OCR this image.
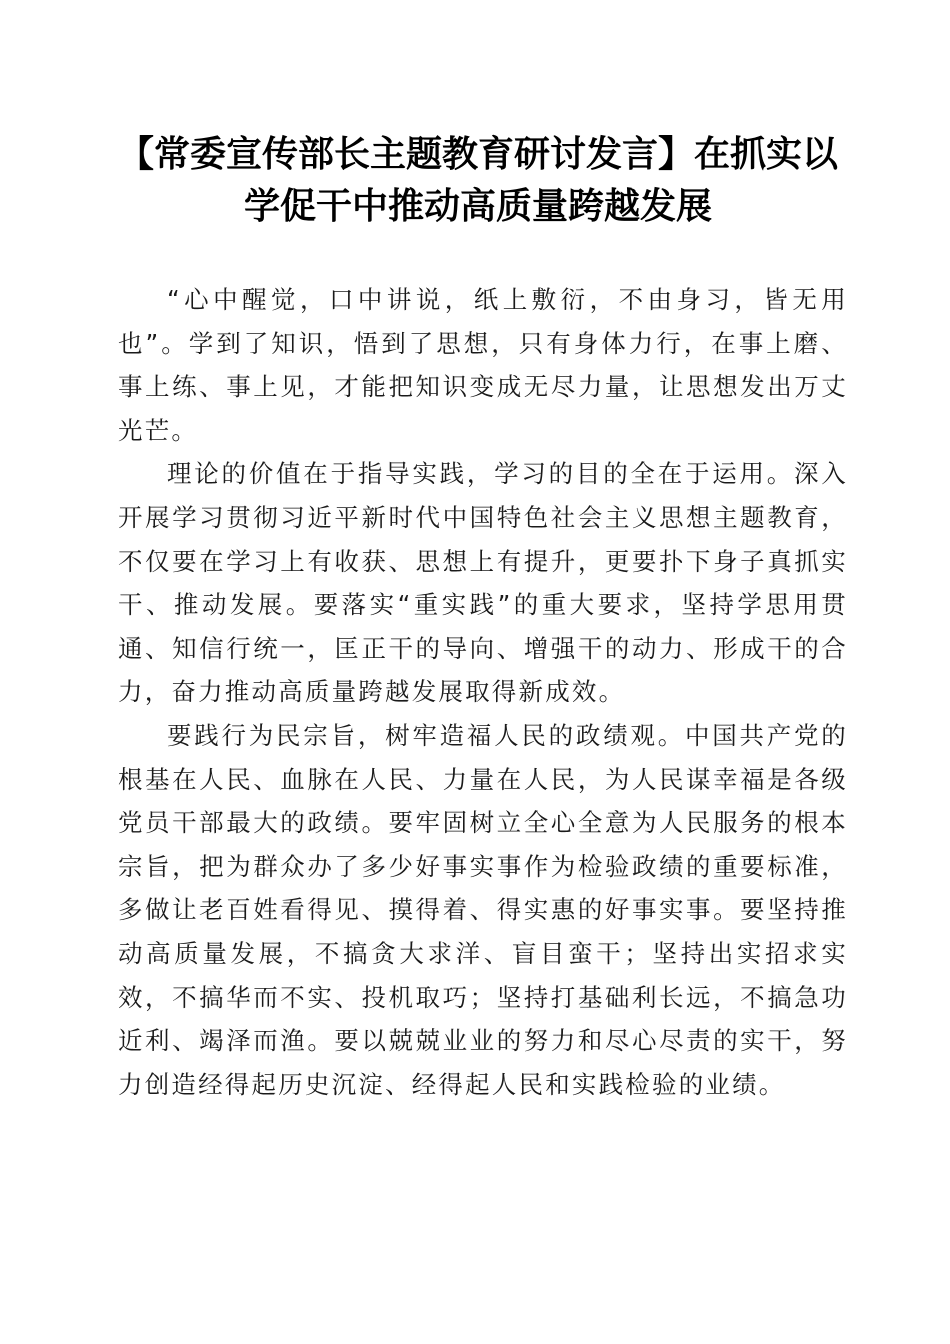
【常委宣传部长主题教育研讨发言】在抓实以
学促干中推动高质量跨越发展

“心中醒觉，口中讲说，纸上敷衍，不由身习，皆无用也”。学到了知识，悟到了思想，只有身体力行，在事上磨、事上练、事上见，才能把知识变成无尽力量，让思想发出万丈光芒。

理论的价值在于指导实践，学习的目的全在于运用。深入开展学习贯彻习近平新时代中国特色社会主义思想主题教育，不仅要在学习上有收获、思想上有提升，更要扑下身子真抓实干、推动发展。要落实“重实践”的重大要求，坚持学思用贯通、知信行统一，匡正干的导向、增强干的动力、形成干的合力，奋力推动高质量跨越发展取得新成效。

要践行为民宗旨，树牢造福人民的政绩观。中国共产党的根基在人民、血脉在人民、力量在人民，为人民谋幸福是各级党员干部最大的政绩。要牢固树立全心全意为人民服务的根本宗旨，把为群众办了多少好事实事作为检验政绩的重要标准，多做让老百姓看得见、摸得着、得实惠的好事实事。要坚持推动高质量发展，不搞贪大求洋、盲目蛮干；坚持出实招求实效，不搞华而不实、投机取巧；坚持打基础利长远，不搞急功近利、竭泽而渔。要以兢兢业业的努力和尽心尽责的实干，努力创造经得起历史沉淀、经得起人民和实践检验的业绩。
